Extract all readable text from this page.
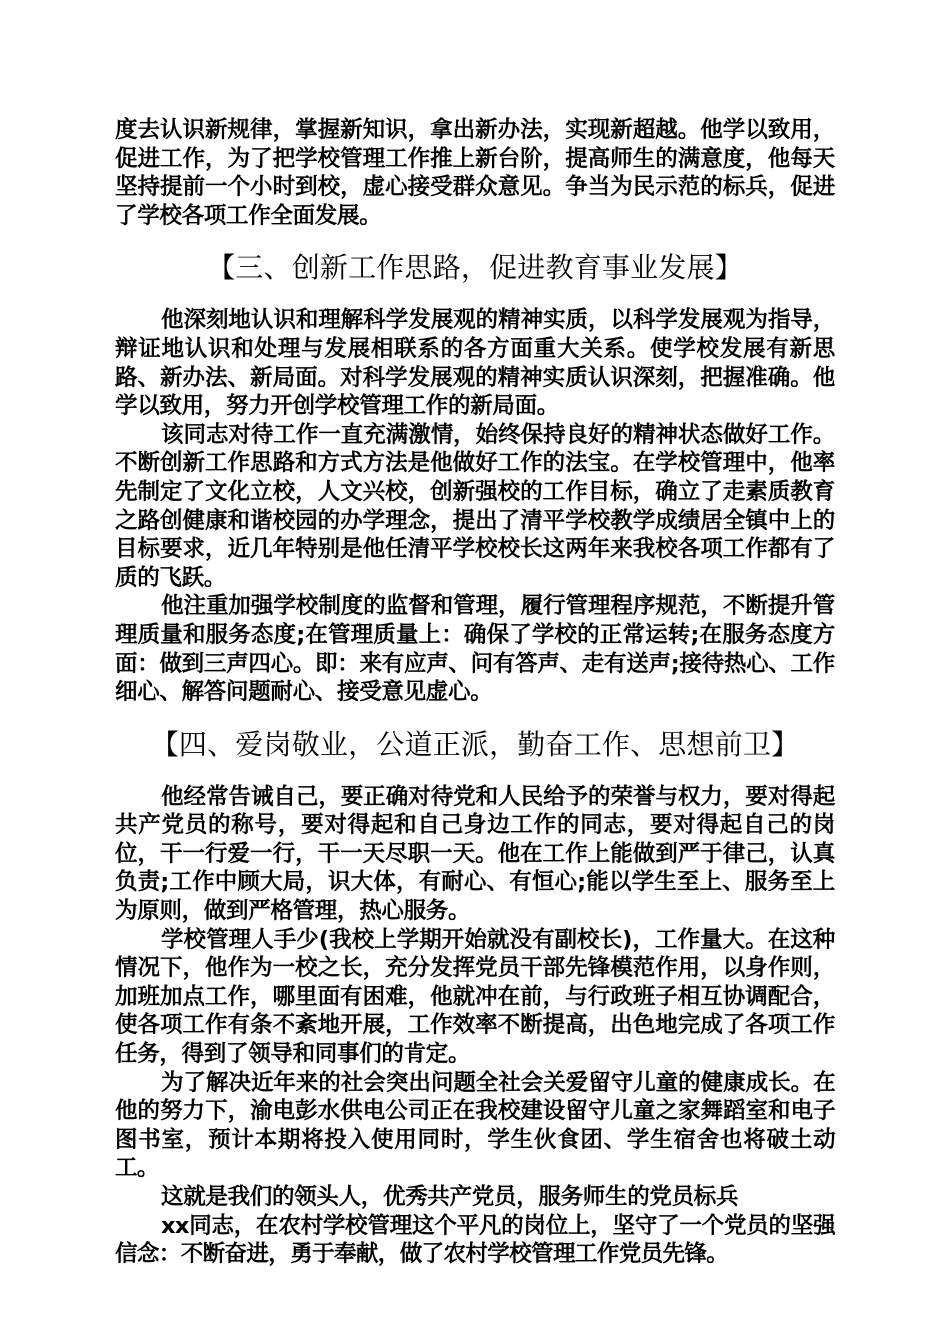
度去认识新规律，掌握新知识，拿出新办法，实现新超越。他学以致用，促进工作，为了把学校管理工作推上新台阶，提高师生的满意度，他每天坚持提前一个小时到校，虚心接受群众意见。争当为民示范的标兵，促进了学校各项工作全面发展。

【三、创新工作思路，促进教育事业发展】

他深刻地认识和理解科学发展观的精神实质，以科学发展观为指导，辩证地认识和处理与发展相联系的各方面重大关系。使学校发展有新思路、新办法、新局面。对科学发展观的精神实质认识深刻，把握准确。他学以致用，努力开创学校管理工作的新局面。

该同志对待工作一直充满激情，始终保持良好的精神状态做好工作。不断创新工作思路和方式方法是他做好工作的法宝。在学校管理中，他率先制定了文化立校，人文兴校，创新强校的工作目标，确立了走素质教育之路创健康和谐校园的办学理念，提出了清平学校教学成绩居全镇中上的目标要求，近几年特别是他任清平学校校长这两年来我校各项工作都有了质的飞跃。

他注重加强学校制度的监督和管理，履行管理程序规范，不断提升管理质量和服务态度;在管理质量上：确保了学校的正常运转;在服务态度方面：做到三声四心。即：来有应声、问有答声、走有送声;接待热心、工作细心、解答问题耐心、接受意见虚心。

【四、爱岗敬业，公道正派，勤奋工作、思想前卫】

他经常告诫自己，要正确对待党和人民给予的荣誉与权力，要对得起共产党员的称号，要对得起和自己身边工作的同志，要对得起自己的岗位，干一行爱一行，干一天尽职一天。他在工作上能做到严于律己，认真负责;工作中顾大局，识大体，有耐心、有恒心;能以学生至上、服务至上为原则，做到严格管理，热心服务。

学校管理人手少(我校上学期开始就没有副校长)，工作量大。在这种情况下，他作为一校之长，充分发挥党员干部先锋模范作用，以身作则，加班加点工作，哪里面有困难，他就冲在前，与行政班子相互协调配合，使各项工作有条不紊地开展，工作效率不断提高，出色地完成了各项工作任务，得到了领导和同事们的肯定。

为了解决近年来的社会突出问题全社会关爱留守儿童的健康成长。在他的努力下，渝电彭水供电公司正在我校建设留守儿童之家舞蹈室和电子图书室，预计本期将投入使用同时，学生伙食团、学生宿舍也将破土动工。

这就是我们的领头人，优秀共产党员，服务师生的党员标兵

xx同志，在农村学校管理这个平凡的岗位上，坚守了一个党员的坚强信念：不断奋进，勇于奉献，做了农村学校管理工作党员先锋。
